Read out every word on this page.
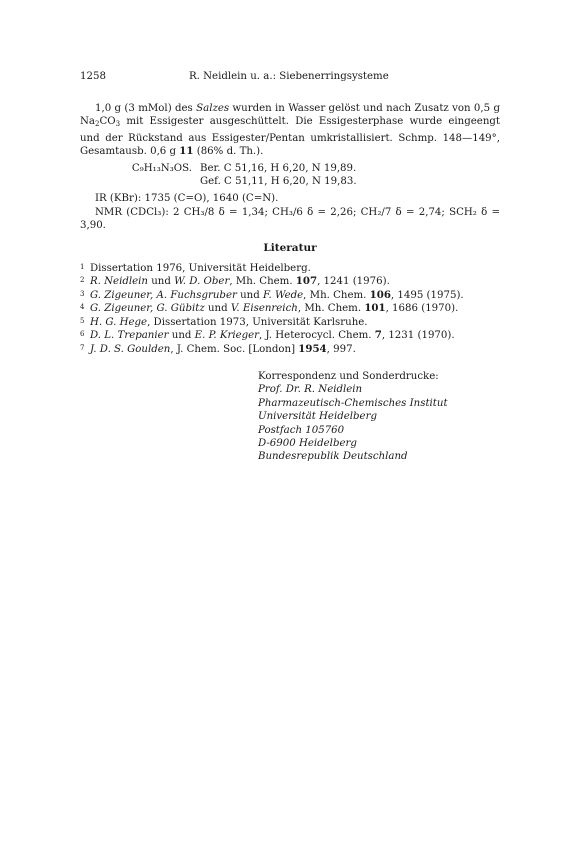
1258	R. Neidlein u. a.: Siebenerringsysteme

1,0 g (3 mMol) des Salzes wurden in Wasser gelöst und nach Zusatz von 0,5 g $Na_2CO_3$ mit Essigester ausgeschüttelt. Die Essigesterphase wurde eingeengt und der Rückstand aus Essigester/Pentan umkristallisiert. Schmp. 148—149°, Gesamtausb. 0,6 g 11 (86% d. Th.).

C₉H₁₃N₃OS. Ber. C 51,16, H 6,20, N 19,89.
Gef. C 51,11, H 6,20, N 19,83.

IR (KBr): 1735 (C=O), 1640 (C=N).

NMR (CDCl₃): 2 CH₃/8 δ = 1,34; CH₃/6 δ = 2,26; CH₂/7 δ = 2,74; SCH₂ δ = 3,90.

Literatur
1 Dissertation 1976, Universität Heidelberg.
2 R. Neidlein und W. D. Ober, Mh. Chem. 107, 1241 (1976).
3 G. Zigeuner, A. Fuchsgruber und F. Wede, Mh. Chem. 106, 1495 (1975).
4 G. Zigeuner, G. Gübitz und V. Eisenreich, Mh. Chem. 101, 1686 (1970).
5 H. G. Hege, Dissertation 1973, Universität Karlsruhe.
6 D. L. Trepanier und E. P. Krieger, J. Heterocycl. Chem. 7, 1231 (1970).
7 J. D. S. Goulden, J. Chem. Soc. [London] 1954, 997.
Korrespondenz und Sonderdrucke:
Prof. Dr. R. Neidlein
Pharmazeutisch-Chemisches Institut
Universität Heidelberg
Postfach 105760
D-6900 Heidelberg
Bundesrepublik Deutschland
